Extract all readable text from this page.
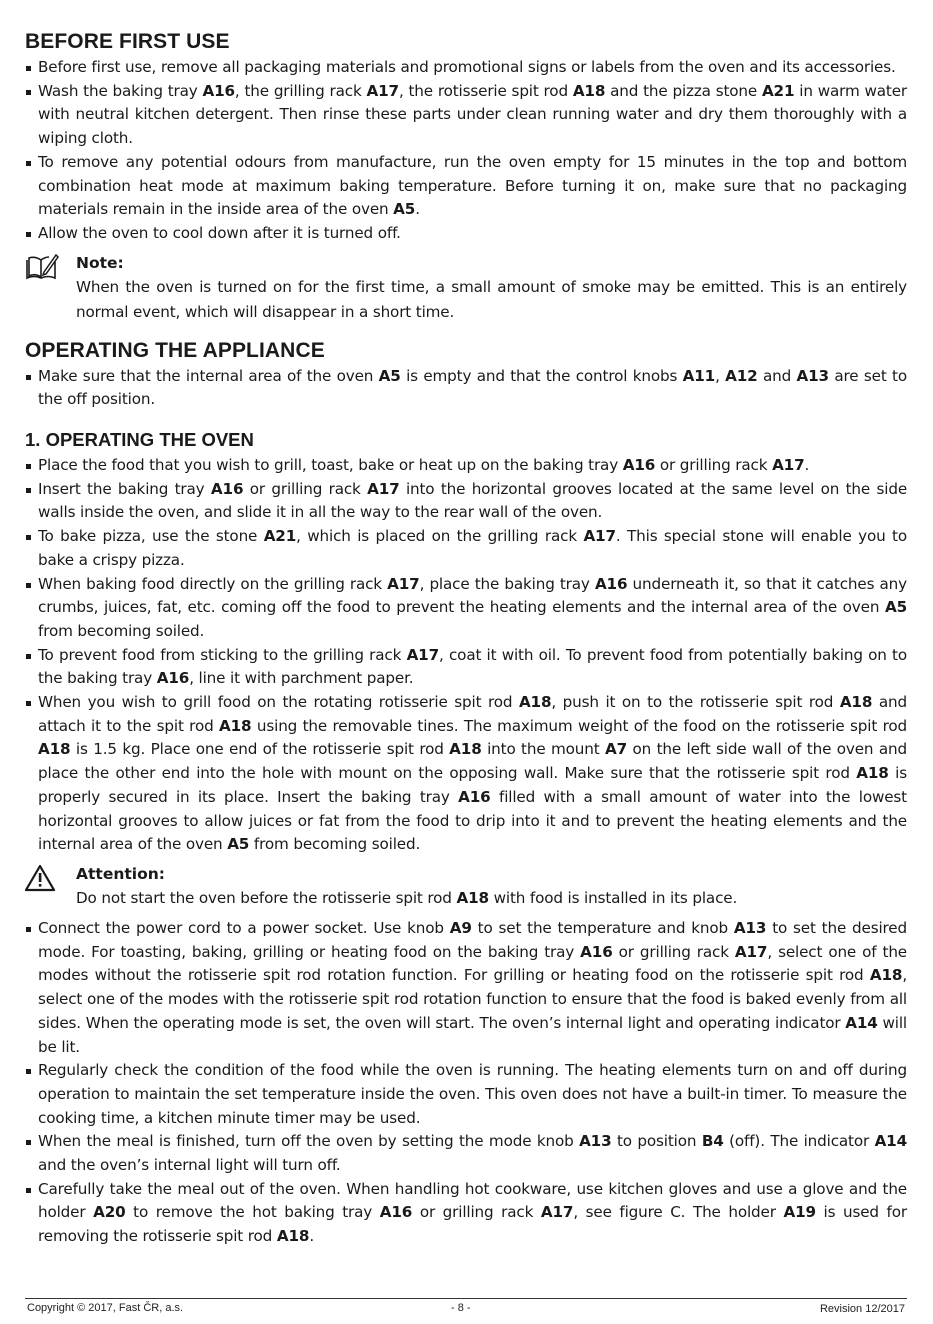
BEFORE FIRST USE
Before first use, remove all packaging materials and promotional signs or labels from the oven and its accessories.
Wash the baking tray A16, the grilling rack A17, the rotisserie spit rod A18 and the pizza stone A21 in warm water with neutral kitchen detergent. Then rinse these parts under clean running water and dry them thoroughly with a wiping cloth.
To remove any potential odours from manufacture, run the oven empty for 15 minutes in the top and bottom combination heat mode at maximum baking temperature. Before turning it on, make sure that no packaging materials remain in the inside area of the oven A5.
Allow the oven to cool down after it is turned off.
Note:
When the oven is turned on for the first time, a small amount of smoke may be emitted. This is an entirely normal event, which will disappear in a short time.
OPERATING THE APPLIANCE
Make sure that the internal area of the oven A5 is empty and that the control knobs A11, A12 and A13 are set to the off position.
1. OPERATING THE OVEN
Place the food that you wish to grill, toast, bake or heat up on the baking tray A16 or grilling rack A17.
Insert the baking tray A16 or grilling rack A17 into the horizontal grooves located at the same level on the side walls inside the oven, and slide it in all the way to the rear wall of the oven.
To bake pizza, use the stone A21, which is placed on the grilling rack A17. This special stone will enable you to bake a crispy pizza.
When baking food directly on the grilling rack A17, place the baking tray A16 underneath it, so that it catches any crumbs, juices, fat, etc. coming off the food to prevent the heating elements and the internal area of the oven A5 from becoming soiled.
To prevent food from sticking to the grilling rack A17, coat it with oil. To prevent food from potentially baking on to the baking tray A16, line it with parchment paper.
When you wish to grill food on the rotating rotisserie spit rod A18, push it on to the rotisserie spit rod A18 and attach it to the spit rod A18 using the removable tines. The maximum weight of the food on the rotisserie spit rod A18 is 1.5 kg. Place one end of the rotisserie spit rod A18 into the mount A7 on the left side wall of the oven and place the other end into the hole with mount on the opposing wall. Make sure that the rotisserie spit rod A18 is properly secured in its place. Insert the baking tray A16 filled with a small amount of water into the lowest horizontal grooves to allow juices or fat from the food to drip into it and to prevent the heating elements and the internal area of the oven A5 from becoming soiled.
Attention:
Do not start the oven before the rotisserie spit rod A18 with food is installed in its place.
Connect the power cord to a power socket. Use knob A9 to set the temperature and knob A13 to set the desired mode. For toasting, baking, grilling or heating food on the baking tray A16 or grilling rack A17, select one of the modes without the rotisserie spit rod rotation function. For grilling or heating food on the rotisserie spit rod A18, select one of the modes with the rotisserie spit rod rotation function to ensure that the food is baked evenly from all sides. When the operating mode is set, the oven will start. The oven’s internal light and operating indicator A14 will be lit.
Regularly check the condition of the food while the oven is running. The heating elements turn on and off during operation to maintain the set temperature inside the oven. This oven does not have a built-in timer. To measure the cooking time, a kitchen minute timer may be used.
When the meal is finished, turn off the oven by setting the mode knob A13 to position B4 (off). The indicator A14 and the oven’s internal light will turn off.
Carefully take the meal out of the oven. When handling hot cookware, use kitchen gloves and use a glove and the holder A20 to remove the hot baking tray A16 or grilling rack A17, see figure C. The holder A19 is used for removing the rotisserie spit rod A18.
Copyright © 2017, Fast ČR, a.s.	- 8 -	Revision 12/2017
